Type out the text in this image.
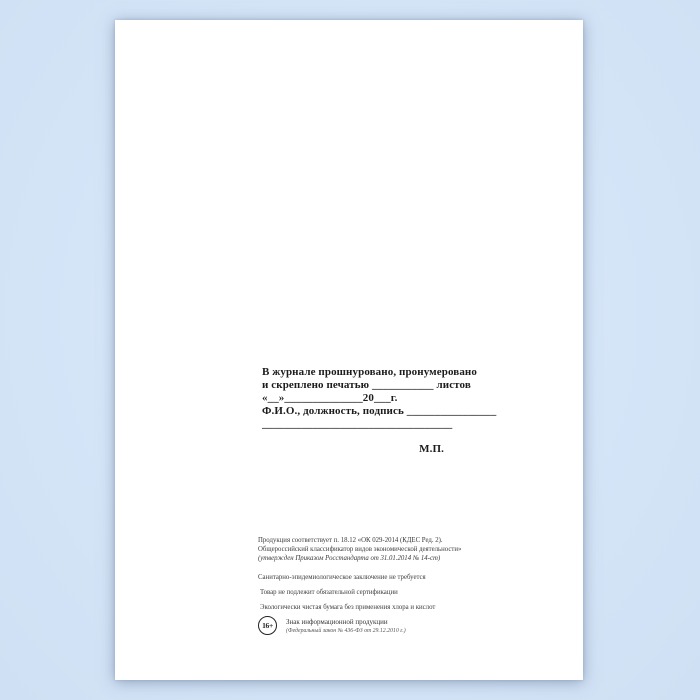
В журнале прошнуровано, пронумеровано
и скреплено печатью ___________ листов
«__»______________20___г.
Ф.И.О., должность, подпись ________________
__________________________________
М.П.
Продукция соответствует п. 18.12 «ОК 029-2014 (КДЕС Ред. 2).
Общероссийский классификатор видов экономической деятельности»
(утвержден Приказом Росстандарта от 31.01.2014 № 14-ст)
Санитарно-эпидемиологическое заключение не требуется
Товар не подлежит обязательной сертификации
Экологически чистая бумага без применения хлора и кислот
16+	Знак информационной продукции
(Федеральный закон № 436-ФЗ от 29.12.2010 г.)
